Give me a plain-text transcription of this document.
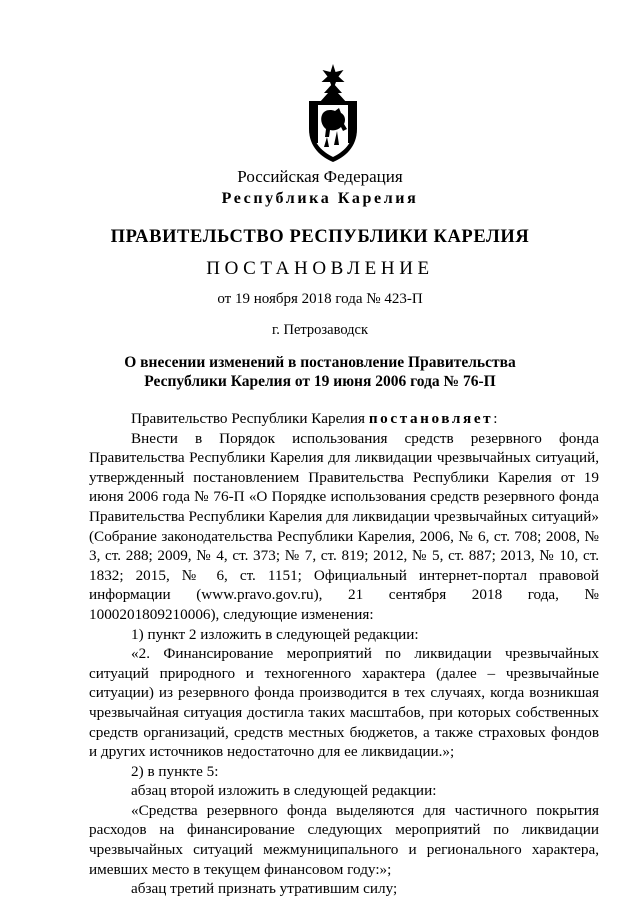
Российская Федерация
Республика Карелия
ПРАВИТЕЛЬСТВО РЕСПУБЛИКИ КАРЕЛИЯ
ПОСТАНОВЛЕНИЕ
от 19 ноября 2018 года № 423-П
г. Петрозаводск
О внесении изменений в постановление Правительства
Республики Карелия от 19 июня 2006 года № 76-П

Правительство Республики Карелия постановляет:

Внести в Порядок использования средств резервного фонда Правительства Республики Карелия для ликвидации чрезвычайных ситуаций, утвержденный постановлением Правительства Республики Карелия от 19 июня 2006 года № 76-П «О Порядке использования средств резервного фонда Правительства Республики Карелия для ликвидации чрезвычайных ситуаций» (Собрание законодательства Республики Карелия, 2006, № 6, ст. 708; 2008, № 3, ст. 288; 2009, № 4, ст. 373; № 7, ст. 819; 2012, № 5, ст. 887; 2013, № 10, ст. 1832; 2015, № 6, ст. 1151; Официальный интернет-портал правовой информации (www.pravo.gov.ru), 21 сентября 2018 года, № 1000201809210006), следующие изменения:

1) пункт 2 изложить в следующей редакции:

«2. Финансирование мероприятий по ликвидации чрезвычайных ситуаций природного и техногенного характера (далее – чрезвычайные ситуации) из резервного фонда производится в тех случаях, когда возникшая чрезвычайная ситуация достигла таких масштабов, при которых собственных средств организаций, средств местных бюджетов, а также страховых фондов и других источников недостаточно для ее ликвидации.»;

2) в пункте 5:

абзац второй изложить в следующей редакции:

«Средства резервного фонда выделяются для частичного покрытия расходов на финансирование следующих мероприятий по ликвидации чрезвычайных ситуаций межмуниципального и регионального характера, имевших место в текущем финансовом году:»;

абзац третий признать утратившим силу;
